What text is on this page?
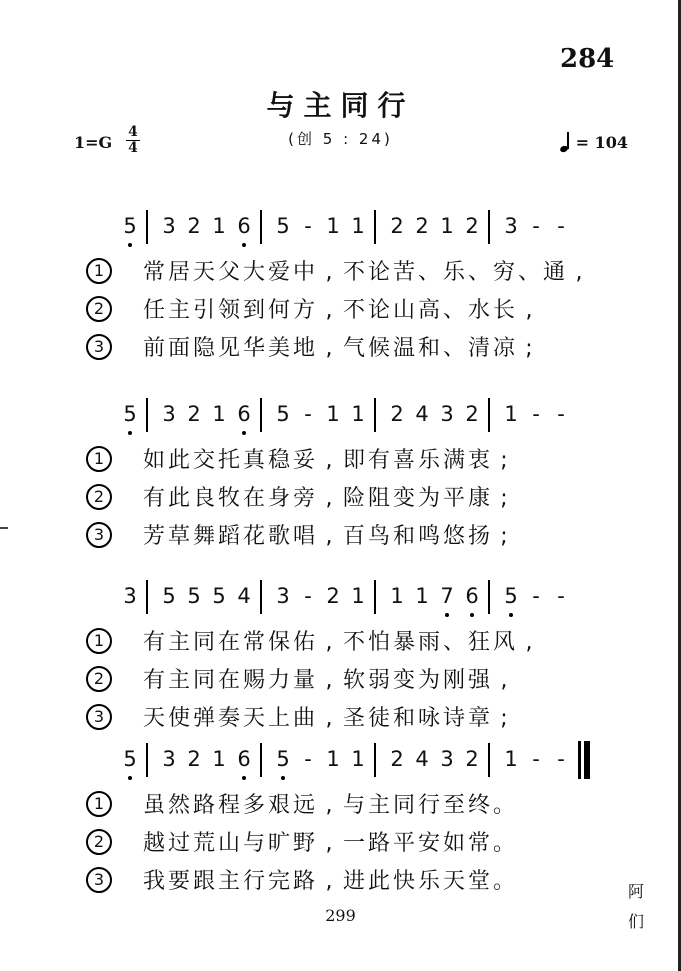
284
与主同行
(创 5 : 24)
1=G
4
4	= 104
5 3 2 1 6 5 - 1 1 2 2 1 2 3 - -
1	常 居 天 父 大 爱 中 , 不 论 苦 、 乐 、 穷 、 通 ,
2	任 主 引 领 到 何 方 , 不 论 山 高 、 水 长 ,
3	前 面 隐 见 华 美 地 , 气 候 温 和 、 清 凉 ;
5 3 2 1 6 5 - 1 1 2 4 3 2 1 - -
1	如 此 交 托 真 稳 妥 , 即 有 喜 乐 满 衷 ;
2	有 此 良 牧 在 身 旁 , 险 阻 变 为 平 康 ;
3	芳 草 舞 蹈 花 歌 唱 , 百 鸟 和 鸣 悠 扬 ;
3 5 5 5 4 3 - 2 1 1 1 7 6 5 - -
1	有 主 同 在 常 保 佑 , 不 怕 暴 雨 、 狂 风 ,
2	有 主 同 在 赐 力 量 , 软 弱 变 为 刚 强 ,
3	天 使 弹 奏 天 上 曲 , 圣 徒 和 咏 诗 章 ;
5 3 2 1 6 5 - 1 1 2 4 3 2 1 - -
1	虽 然 路 程 多 艰 远 , 与 主 同 行 至 终 。
2	越 过 荒 山 与 旷 野 , 一 路 平 安 如 常 。
3	我 要 跟 主 行 完 路 , 进 此 快 乐 天 堂 。	阿们
299
